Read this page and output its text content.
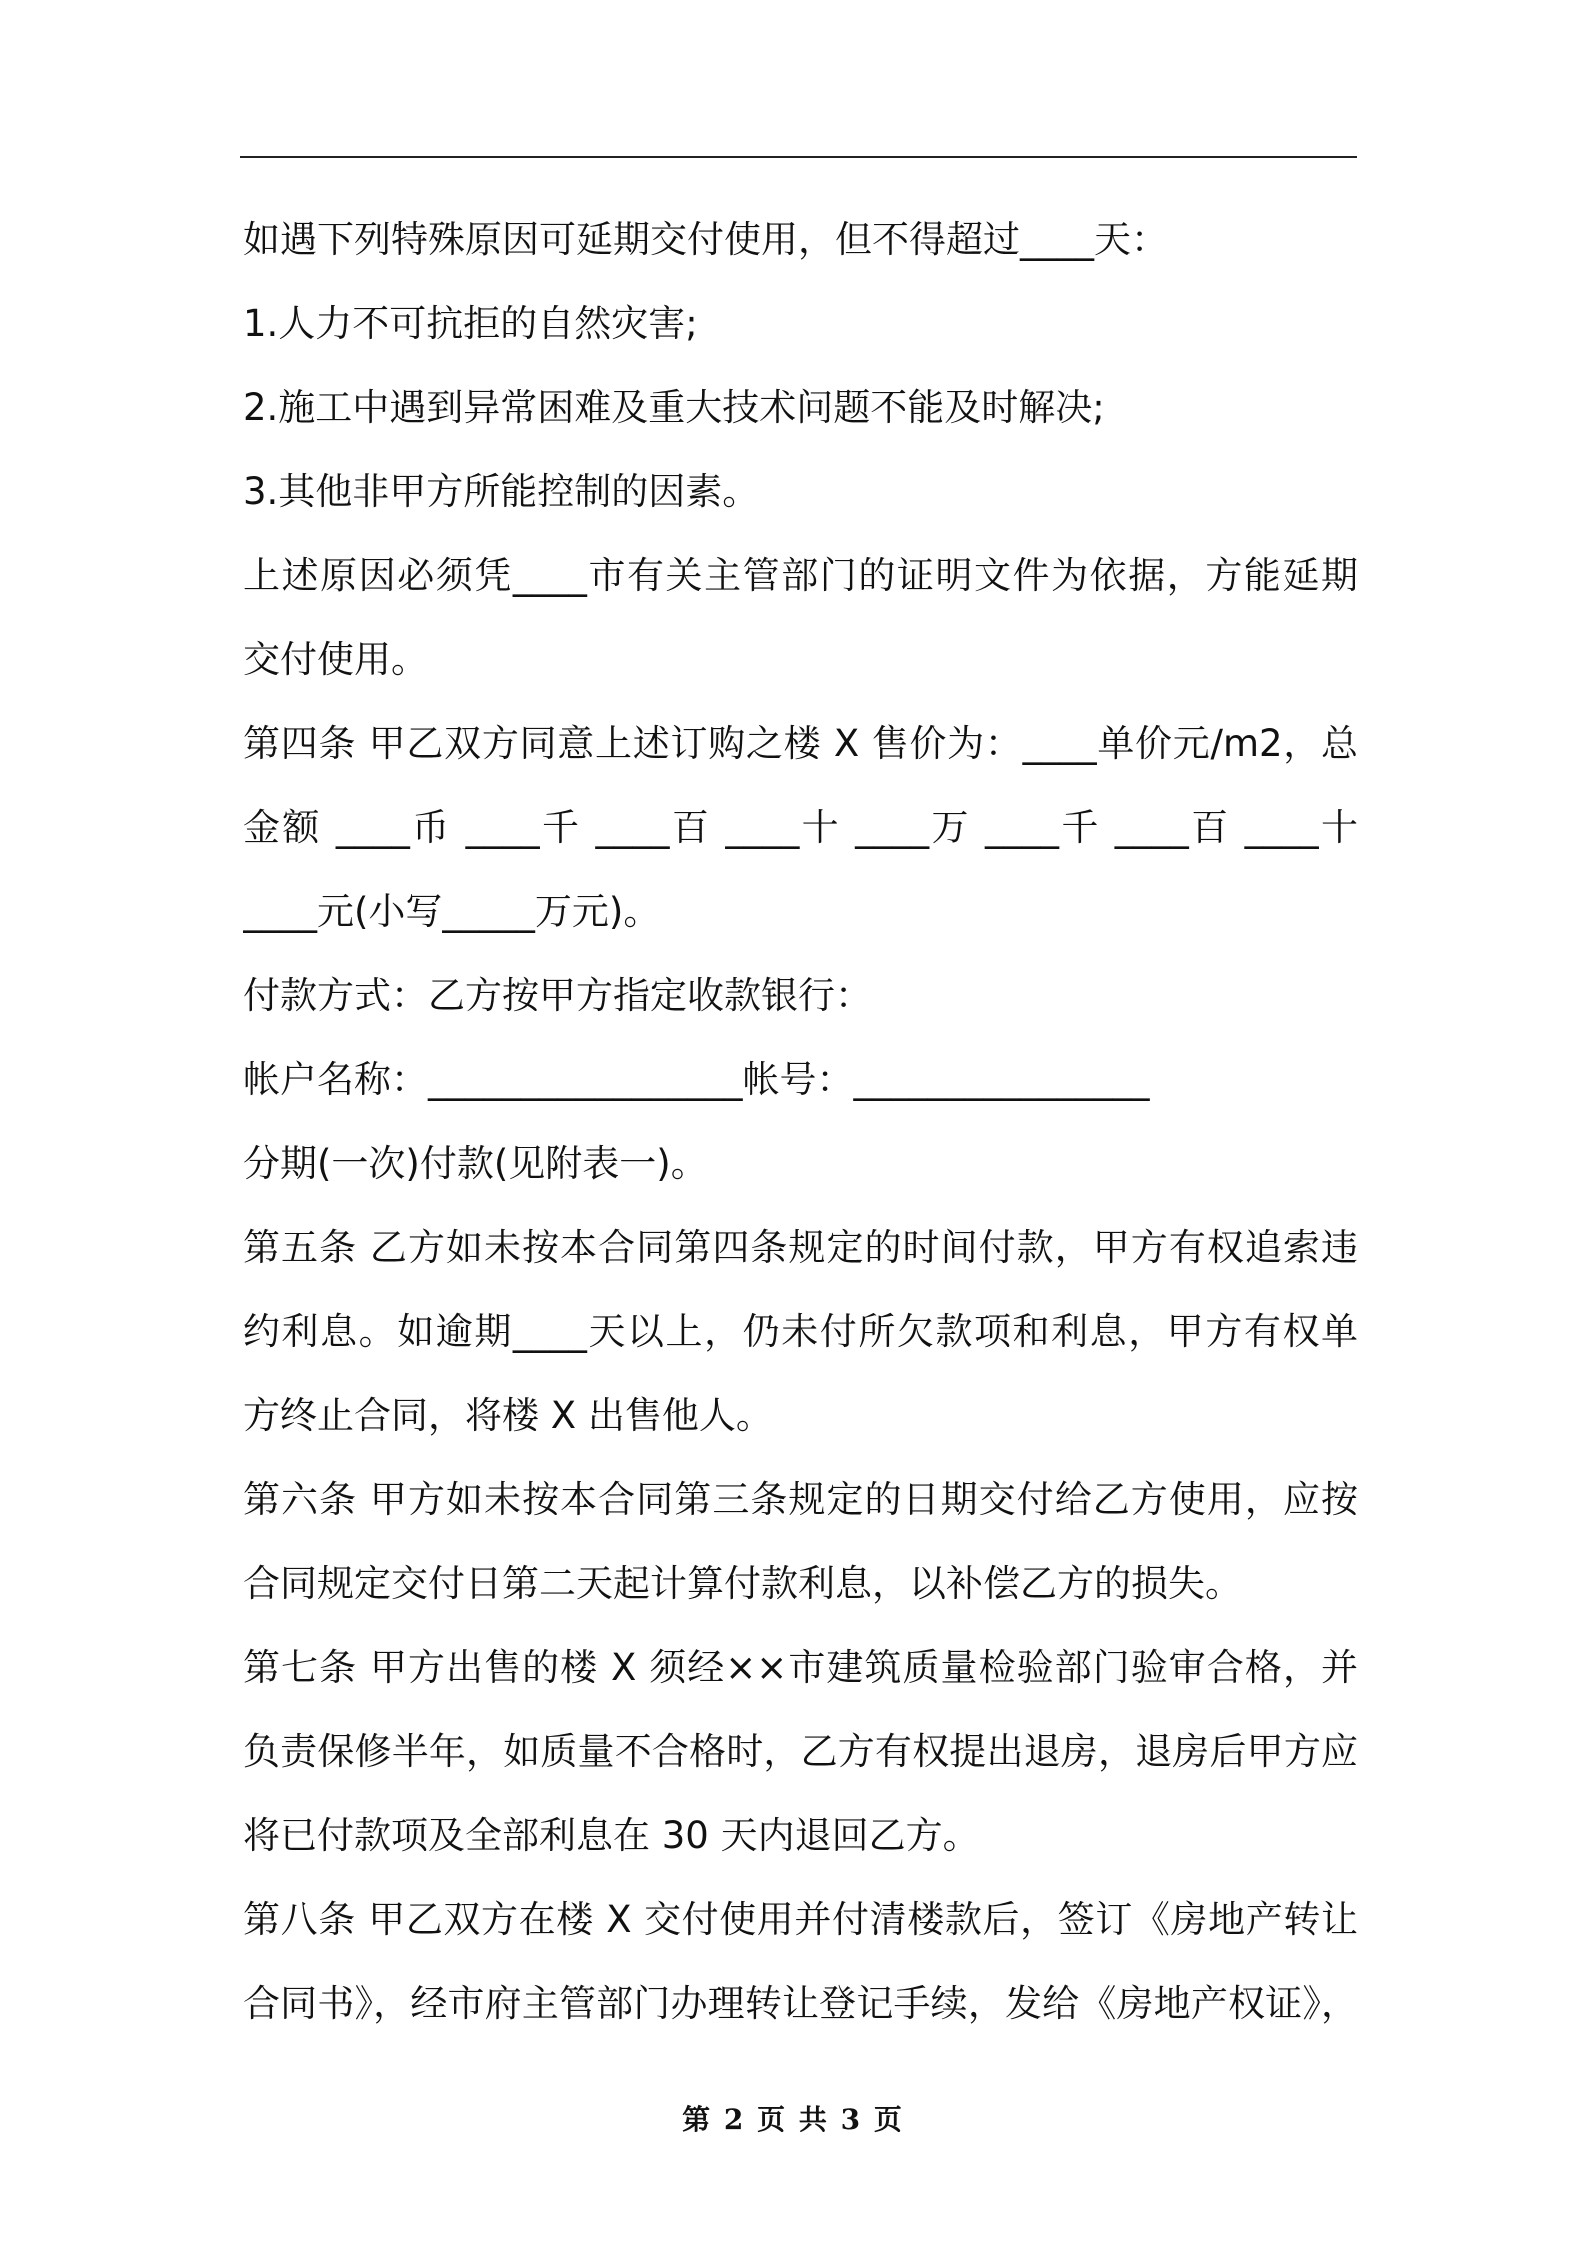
如遇下列特殊原因可延期交付使用，但不得超过____天：
1.人力不可抗拒的自然灾害;
2.施工中遇到异常困难及重大技术问题不能及时解决;
3.其他非甲方所能控制的因素。
上述原因必须凭____市有关主管部门的证明文件为依据，方能延期
交付使用。
第四条 甲乙双方同意上述订购之楼 X 售价为：____单价元/m2，总
金额 ____币 ____千 ____百 ____十 ____万 ____千 ____百 ____十
____元(小写_____万元)。
付款方式：乙方按甲方指定收款银行：
帐户名称：_________________帐号：________________
分期(一次)付款(见附表一)。
第五条 乙方如未按本合同第四条规定的时间付款，甲方有权追索违
约利息。如逾期____天以上，仍未付所欠款项和利息，甲方有权单
方终止合同，将楼 X 出售他人。
第六条 甲方如未按本合同第三条规定的日期交付给乙方使用，应按
合同规定交付日第二天起计算付款利息，以补偿乙方的损失。
第七条 甲方出售的楼 X 须经××市建筑质量检验部门验审合格，并
负责保修半年，如质量不合格时，乙方有权提出退房，退房后甲方应
将已付款项及全部利息在 30 天内退回乙方。
第八条 甲乙双方在楼 X 交付使用并付清楼款后，签订《房地产转让
合同书》，经市府主管部门办理转让登记手续，发给《房地产权证》，
第 2 页 共 3 页
